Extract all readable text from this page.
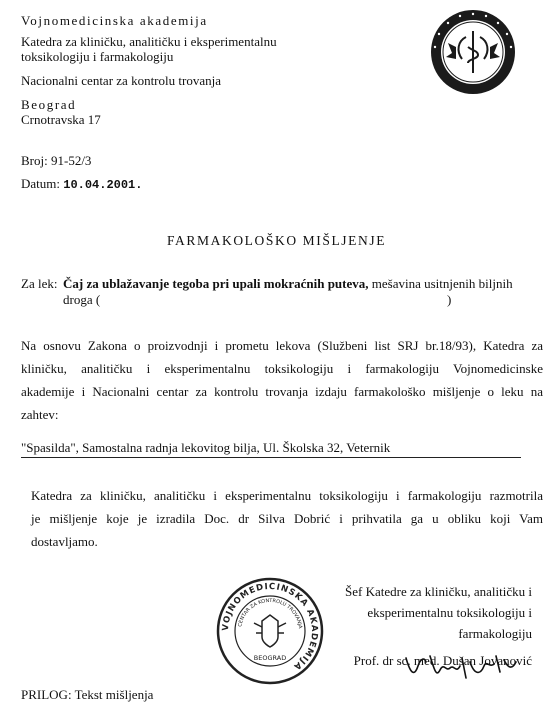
Vojnomedicinska akademija
Katedra za kliničku, analitičku i eksperimentalnu
toksikologiju i farmakologiju
Nacionalni centar za kontrolu trovanja
Beograd
Crnotravska 17
Broj: 91-52/3
Datum: 10.04.2001.
FARMAKOLOŠKO MIŠLJENJE
Za lek: Čaj za ublažavanje tegoba pri upali mokraćnih puteva, mešavina usitnjenih biljnih
droga (	)
Na osnovu Zakona o proizvodnji i prometu lekova (Službeni list SRJ br.18/93), Katedra za
kliničku, analitičku i eksperimentalnu toksikologiju i farmakologiju Vojnomedicinske
akademije i Nacionalni centar za kontrolu trovanja izdaju farmakološko mišljenje o leku na
zahtev:
"Spasilda", Samostalna radnja lekovitog bilja, Ul. Školska 32, Veternik
Katedra za kliničku, analitičku i eksperimentalnu toksikologiju i farmakologiju razmotrila
je mišljenje koje je izradila Doc. dr Silva Dobrić i prihvatila ga u obliku koji Vam
dostavljamo.
VOJNOMEDICINSKA AKADEMIJA
CENTAR ZA KONTROLU TROVANJA
BEOGRAD
Šef Katedre za kliničku, analitičku i
eksperimentalnu toksikologiju i
farmakologiju
Prof. dr sc. med. Dušan Jovanović
PRILOG: Tekst mišljenja
